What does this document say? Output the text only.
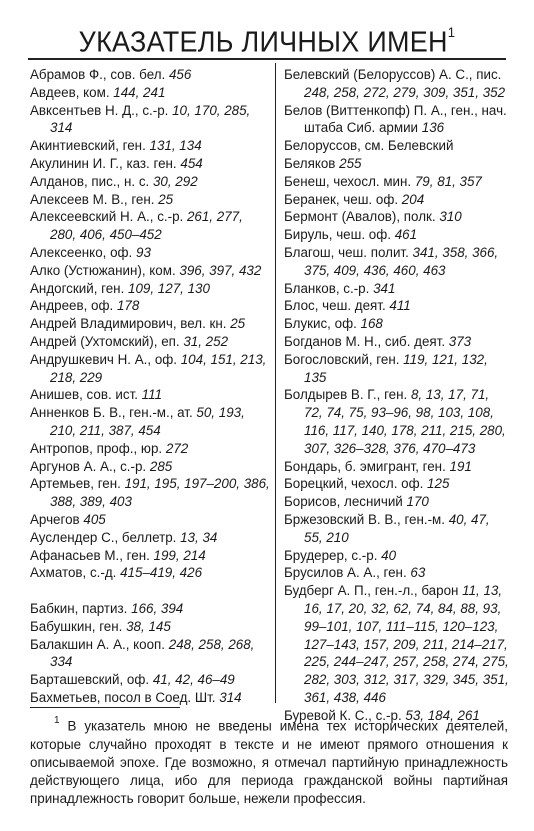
УКАЗАТЕЛЬ ЛИЧНЫХ ИМЕН$^1$
Абрамов Ф., сов. бел. 456
Авдеев, ком. 144, 241
Авксентьев Н. Д., с.-р. 10, 170, 285, 314
Акинтиевский, ген. 131, 134
Акулинин И. Г., каз. ген. 454
Алданов, пис., н. с. 30, 292
Алексеев М. В., ген. 25
Алексеевский Н. А., с.-р. 261, 277, 280, 406, 450–452
Алексеенко, оф. 93
Алко (Устюжанин), ком. 396, 397, 432
Андогский, ген. 109, 127, 130
Андреев, оф. 178
Андрей Владимирович, вел. кн. 25
Андрей (Ухтомский), еп. 31, 252
Андрушкевич Н. А., оф. 104, 151, 213, 218, 229
Анишев, сов. ист. 111
Анненков Б. В., ген.-м., ат. 50, 193, 210, 211, 387, 454
Антропов, проф., юр. 272
Аргунов А. А., с.-р. 285
Артемьев, ген. 191, 195, 197–200, 386, 388, 389, 403
Арчегов 405
Ауслендер С., беллетр. 13, 34
Афанасьев М., ген. 199, 214
Ахматов, с.-д. 415–419, 426
Бабкин, партиз. 166, 394
Бабушкин, ген. 38, 145
Балакшин А. А., кооп. 248, 258, 268, 334
Барташевский, оф. 41, 42, 46–49
Бахметьев, посол в Соед. Шт. 314
Белевский (Белоруссов) А. С., пис. 248, 258, 272, 279, 309, 351, 352
Белов (Виттенкопф) П. А., ген., нач. штаба Сиб. армии 136
Белоруссов, см. Белевский
Беляков 255
Бенеш, чехосл. мин. 79, 81, 357
Беранек, чеш. оф. 204
Бермонт (Авалов), полк. 310
Бируль, чеш. оф. 461
Благош, чеш. полит. 341, 358, 366, 375, 409, 436, 460, 463
Бланков, с.-р. 341
Блос, чеш. деят. 411
Блукис, оф. 168
Богданов М. Н., сиб. деят. 373
Богословский, ген. 119, 121, 132, 135
Болдырев В. Г., ген. 8, 13, 17, 71, 72, 74, 75, 93–96, 98, 103, 108, 116, 117, 140, 178, 211, 215, 280, 307, 326–328, 376, 470–473
Бондарь, б. эмигрант, ген. 191
Борецкий, чехосл. оф. 125
Борисов, лесничий 170
Бржезовский В. В., ген.-м. 40, 47, 55, 210
Брудерер, с.-р. 40
Брусилов А. А., ген. 63
Будберг А. П., ген.-л., барон 11, 13, 16, 17, 20, 32, 62, 74, 84, 88, 93, 99–101, 107, 111–115, 120–123, 127–143, 157, 209, 211, 214–217, 225, 244–247, 257, 258, 274, 275, 282, 303, 312, 317, 329, 345, 351, 361, 438, 446
Буревой К. С., с.-р. 53, 184, 261
$^1$ В указатель мною не введены имена тех исторических деятелей, которые случайно проходят в тексте и не имеют прямого отношения к описываемой эпохе. Где возможно, я отмечал партийную принадлежность действующего лица, ибо для периода гражданской войны партийная принадлежность говорит больше, нежели профессия.
